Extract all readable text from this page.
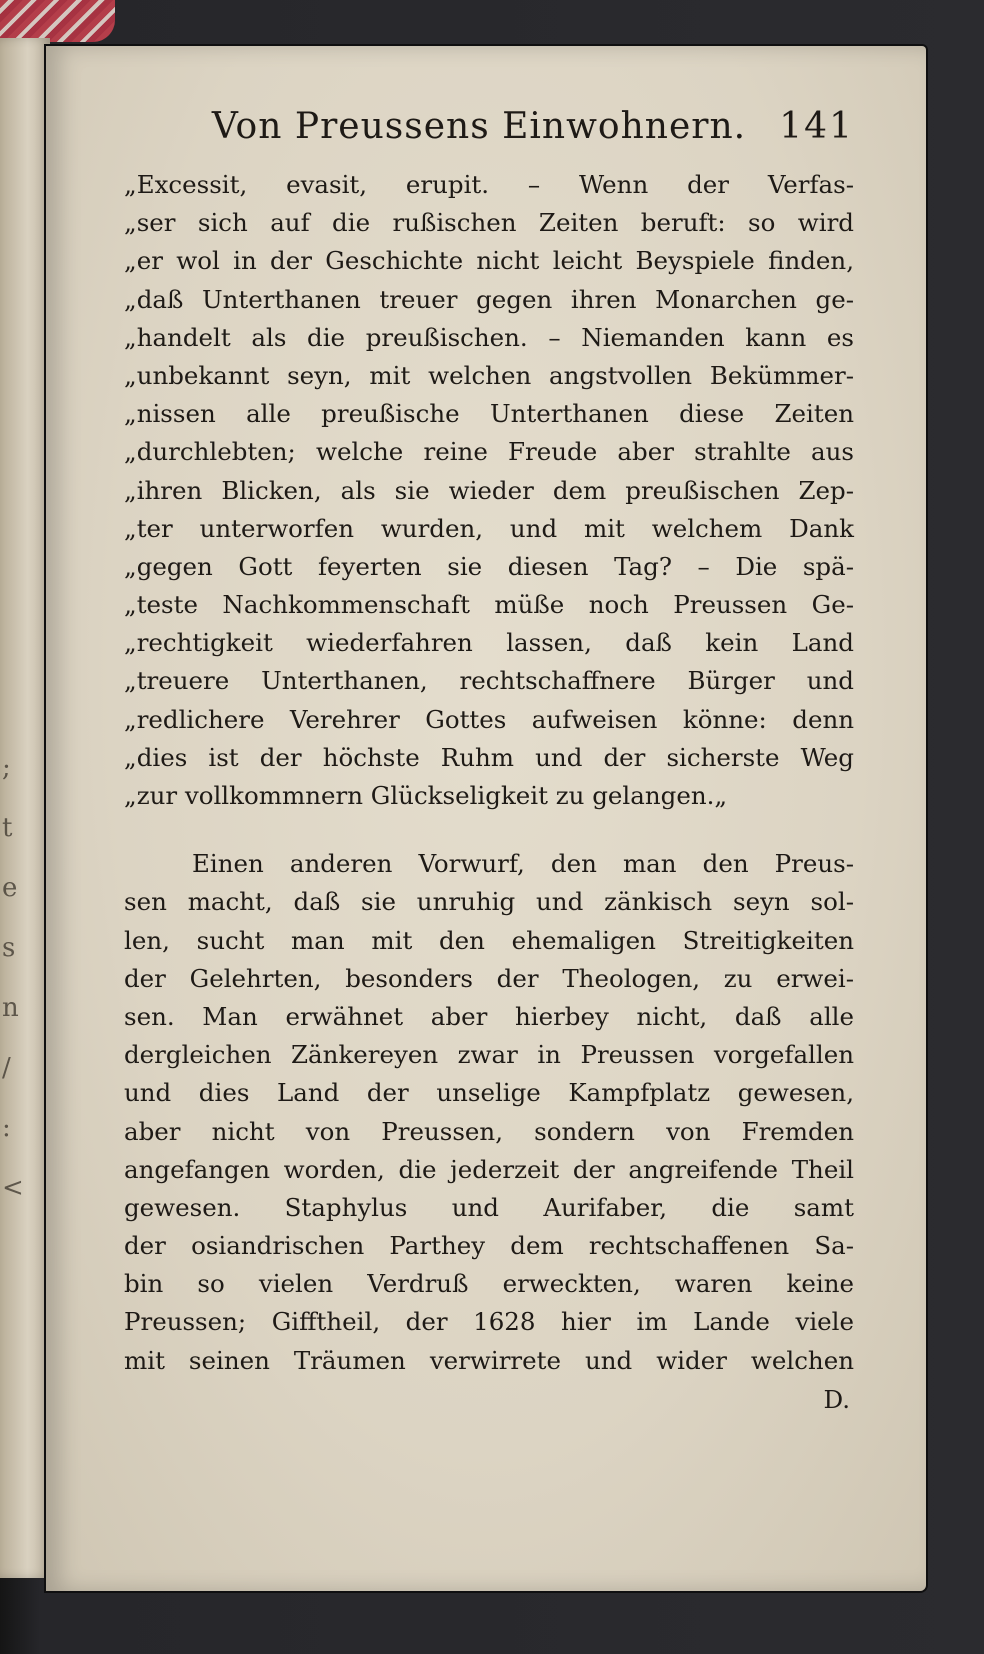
;
t
e
s
n
/
:
<
Von Preussens Einwohnern. 141
„Excessit, evasit, erupit. – Wenn der Verfas-
„ser sich auf die rußischen Zeiten beruft: so wird
„er wol in der Geschichte nicht leicht Beyspiele finden,
„daß Unterthanen treuer gegen ihren Monarchen ge-
„handelt als die preußischen. – Niemanden kann es
„unbekannt seyn, mit welchen angstvollen Bekümmer-
„nissen alle preußische Unterthanen diese Zeiten
„durchlebten; welche reine Freude aber strahlte aus
„ihren Blicken, als sie wieder dem preußischen Zep-
„ter unterworfen wurden, und mit welchem Dank
„gegen Gott feyerten sie diesen Tag? – Die spä-
„teste Nachkommenschaft müße noch Preussen Ge-
„rechtigkeit wiederfahren lassen, daß kein Land
„treuere Unterthanen, rechtschaffnere Bürger und
„redlichere Verehrer Gottes aufweisen könne: denn
„dies ist der höchste Ruhm und der sicherste Weg
„zur vollkommnern Glückseligkeit zu gelangen.„
Einen anderen Vorwurf, den man den Preus-
sen macht, daß sie unruhig und zänkisch seyn sol-
len, sucht man mit den ehemaligen Streitigkeiten
der Gelehrten, besonders der Theologen, zu erwei-
sen. Man erwähnet aber hierbey nicht, daß alle
dergleichen Zänkereyen zwar in Preussen vorgefallen
und dies Land der unselige Kampfplatz gewesen,
aber nicht von Preussen, sondern von Fremden
angefangen worden, die jederzeit der angreifende Theil
gewesen. Staphylus und Aurifaber, die samt
der osiandrischen Parthey dem rechtschaffenen Sa-
bin so vielen Verdruß erweckten, waren keine
Preussen; Gifftheil, der 1628 hier im Lande viele
mit seinen Träumen verwirrete und wider welchen
D.
